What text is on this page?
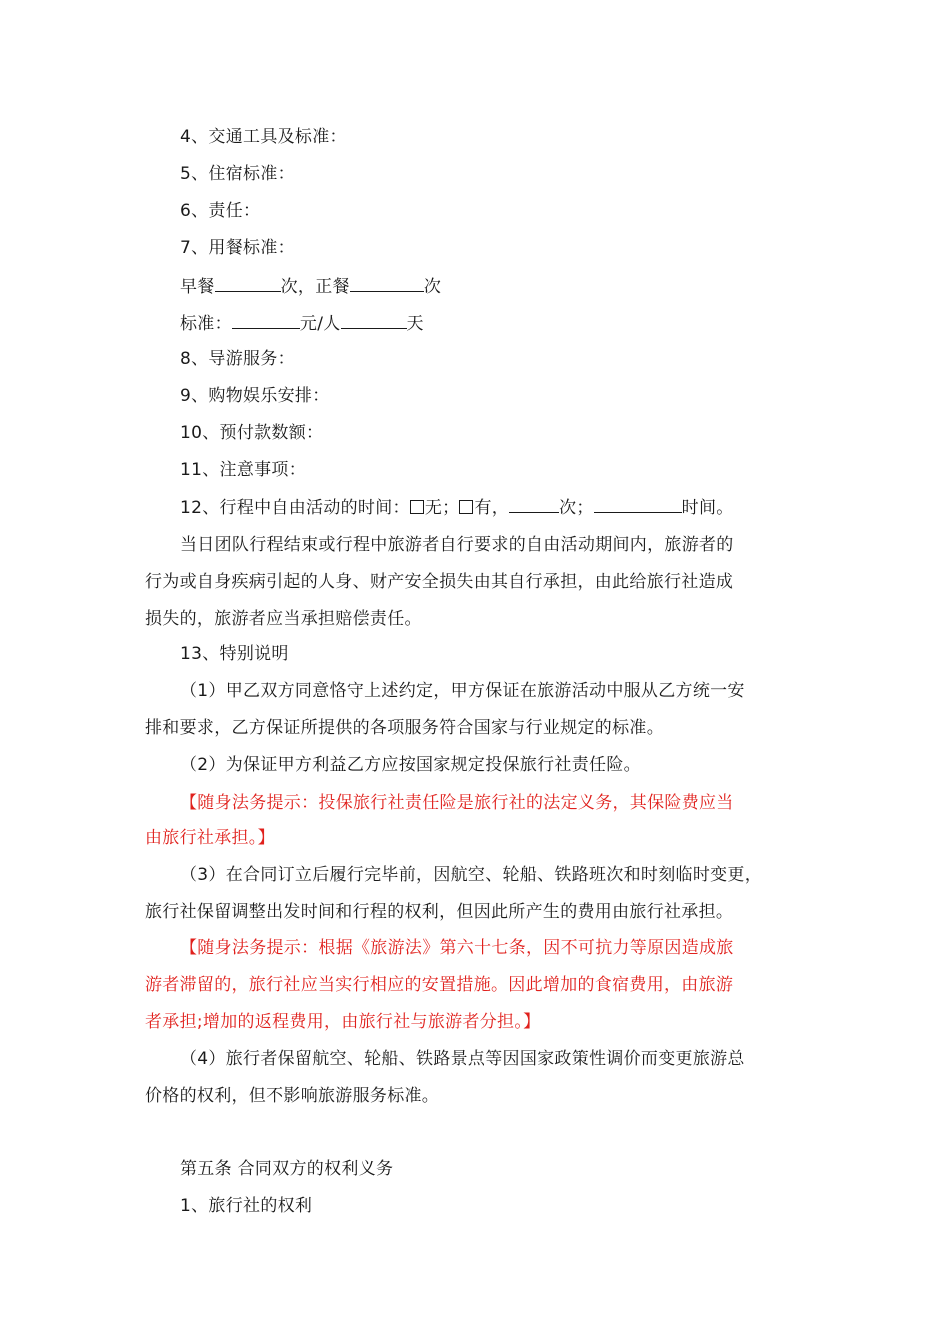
4、交通工具及标准：
5、住宿标准：
6、责任：
7、用餐标准：
早餐	次，正餐	次
标准：	元/人	天
8、导游服务：
9、购物娱乐安排：
10、预付款数额：
11、注意事项：
12、行程中自由活动的时间： 无； 有，	次；	时间。
当日团队行程结束或行程中旅游者自行要求的自由活动期间内，旅游者的
行为或自身疾病引起的人身、财产安全损失由其自行承担，由此给旅行社造成
损失的，旅游者应当承担赔偿责任。
13、特别说明
（1）甲乙双方同意恪守上述约定，甲方保证在旅游活动中服从乙方统一安
排和要求，乙方保证所提供的各项服务符合国家与行业规定的标准。
（2）为保证甲方利益乙方应按国家规定投保旅行社责任险。
【随身法务提示：投保旅行社责任险是旅行社的法定义务，其保险费应当
由旅行社承担。】
（3）在合同订立后履行完毕前，因航空、轮船、铁路班次和时刻临时变更，
旅行社保留调整出发时间和行程的权利，但因此所产生的费用由旅行社承担。
【随身法务提示：根据《旅游法》第六十七条，因不可抗力等原因造成旅
游者滞留的，旅行社应当实行相应的安置措施。因此增加的食宿费用，由旅游
者承担;增加的返程费用，由旅行社与旅游者分担。】
（4）旅行者保留航空、轮船、铁路景点等因国家政策性调价而变更旅游总
价格的权利，但不影响旅游服务标准。
第五条 合同双方的权利义务
1、旅行社的权利
